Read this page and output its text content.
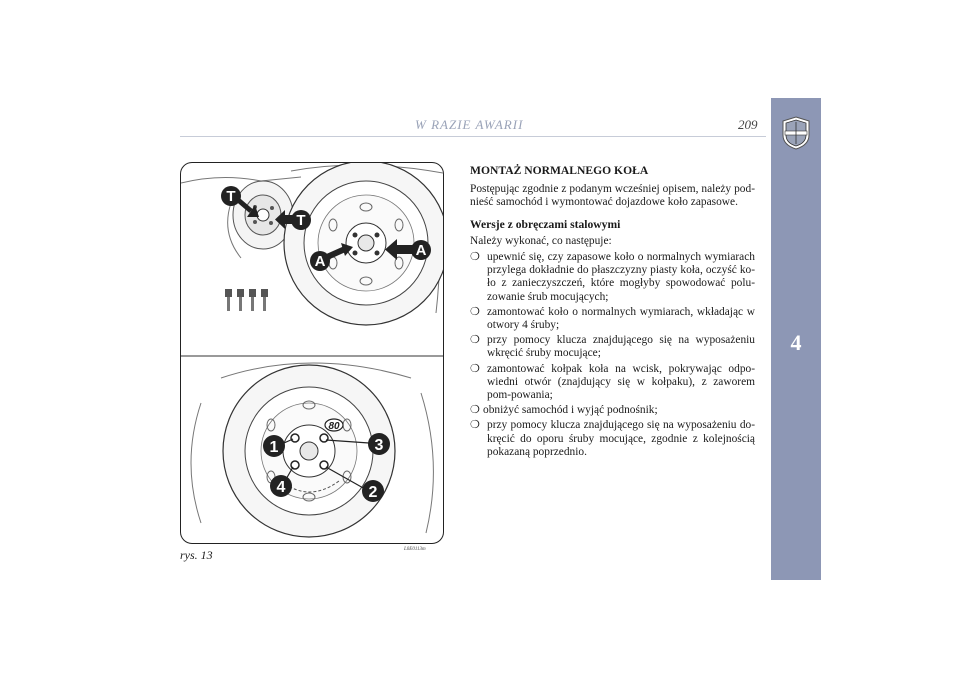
W RAZIE AWARII	209
4
T
T
A
A
1	3
2
4
80
rys. 13	L0E0113m

MONTAŻ NORMALNEGO KOŁA

Postępując zgodnie z podanym wcześniej opisem, należy pod-nieść samochód i wymontować dojazdowe koło zapasowe.

Wersje z obręczami stalowymi

Należy wykonać, co następuje:

❍ upewnić się, czy zapasowe koło o normalnych wymiarach przylega dokładnie do płaszczyzny piasty koła, oczyść ko-ło z zanieczyszczeń, które mogłyby spowodować polu-zowanie śrub mocujących;
❍ zamontować koło o normalnych wymiarach, wkładając w otwory 4 śruby;
❍ przy pomocy klucza znajdującego się na wyposażeniu wkręcić śruby mocujące;
❍ zamontować kołpak koła na wcisk, pokrywając odpo-wiedni otwór (znajdujący się w kołpaku), z zaworem pom-powania;
❍ obniżyć samochód i wyjąć podnośnik;
❍ przy pomocy klucza znajdującego się na wyposażeniu do-kręcić do oporu śruby mocujące, zgodnie z kolejnością pokazaną poprzednio.
